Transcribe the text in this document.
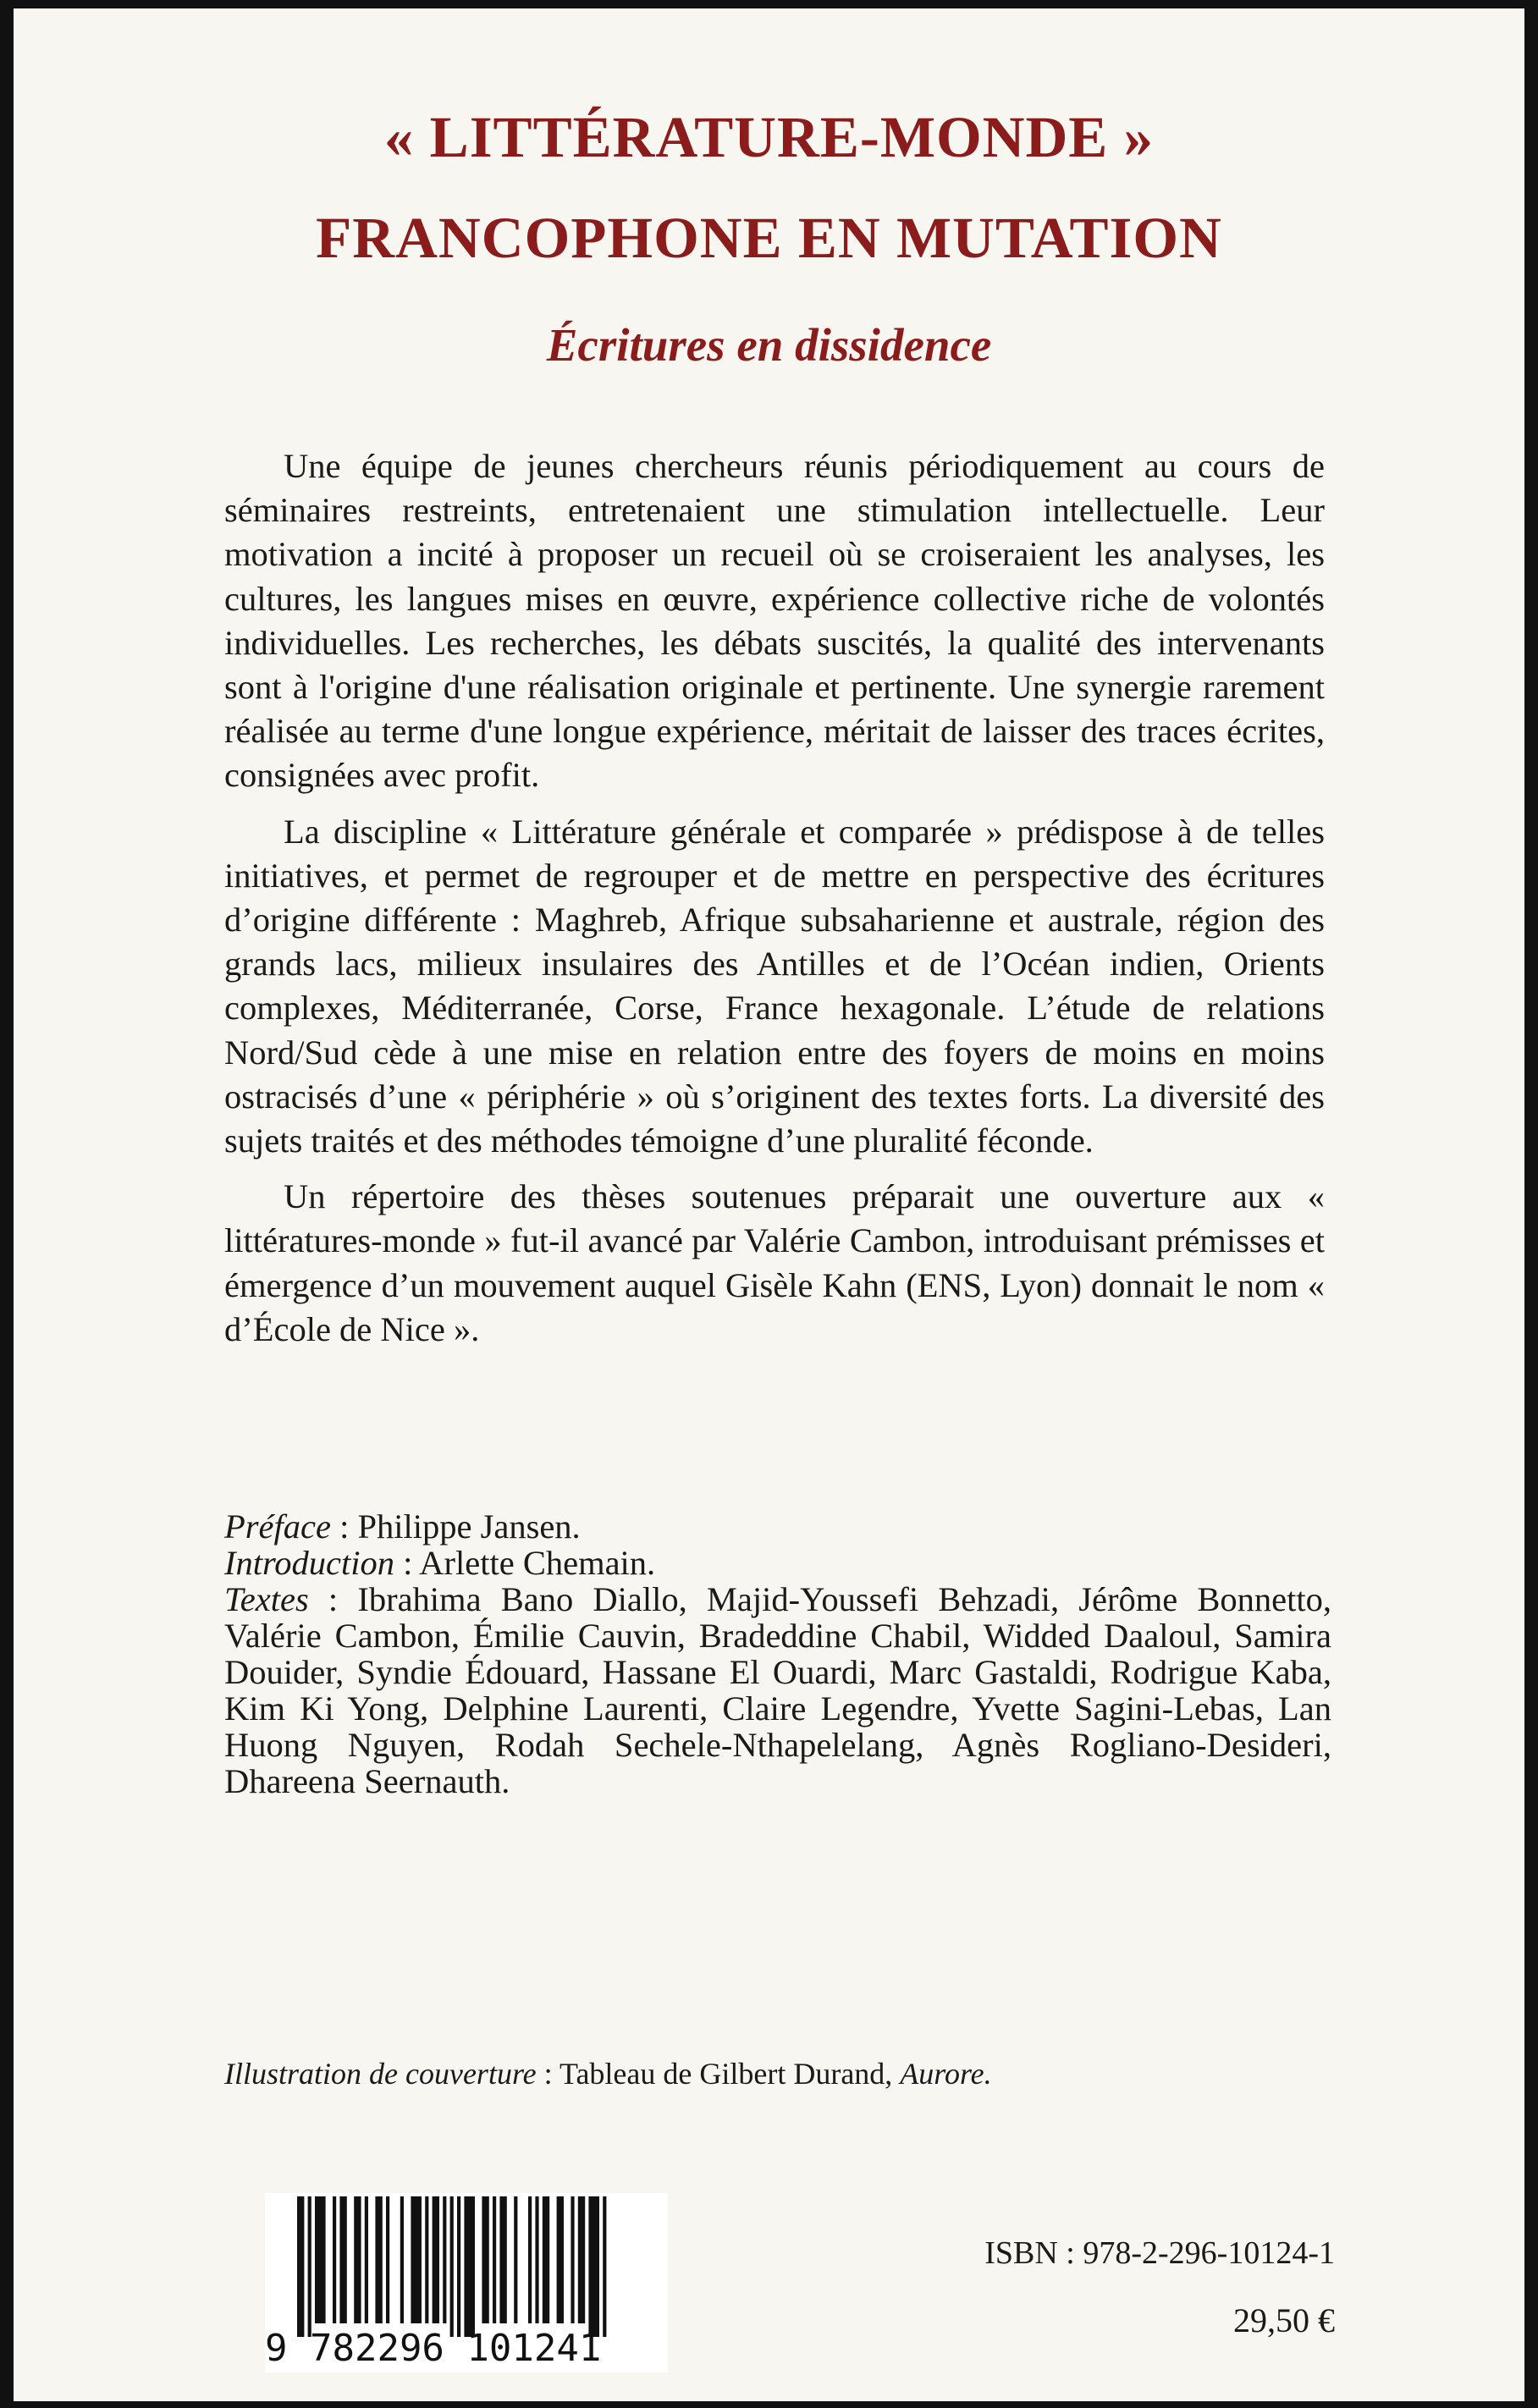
« LITTÉRATURE-MONDE »
FRANCOPHONE EN MUTATION
Écritures en dissidence

Une équipe de jeunes chercheurs réunis périodiquement au cours de séminaires restreints, entretenaient une stimulation intellectuelle. Leur motivation a incité à proposer un recueil où se croiseraient les analyses, les cultures, les langues mises en œuvre, expérience collective riche de volontés individuelles. Les recherches, les débats suscités, la qualité des intervenants sont à l'origine d'une réalisation originale et pertinente. Une synergie rarement réalisée au terme d'une longue expérience, méritait de laisser des traces écrites, consignées avec profit.

La discipline « Littérature générale et comparée » prédispose à de telles initiatives, et permet de regrouper et de mettre en perspective des écritures d’origine différente : Maghreb, Afrique subsaharienne et australe, région des grands lacs, milieux insulaires des Antilles et de l’Océan indien, Orients complexes, Méditerranée, Corse, France hexagonale. L’étude de relations Nord/Sud cède à une mise en relation entre des foyers de moins en moins ostracisés d’une « périphérie » où s’originent des textes forts. La diversité des sujets traités et des méthodes témoigne d’une pluralité féconde.

Un répertoire des thèses soutenues préparait une ouverture aux « littératures-monde » fut-il avancé par Valérie Cambon, introduisant prémisses et émergence d’un mouvement auquel Gisèle Kahn (ENS, Lyon) donnait le nom « d’École de Nice ».

Préface : Philippe Jansen.

Introduction : Arlette Chemain.

Textes : Ibrahima Bano Diallo, Majid-Youssefi Behzadi, Jérôme Bonnetto, Valérie Cambon, Émilie Cauvin, Bradeddine Chabil, Widded Daaloul, Samira Douider, Syndie Édouard, Hassane El Ouardi, Marc Gastaldi, Rodrigue Kaba, Kim Ki Yong, Delphine Laurenti, Claire Legendre, Yvette Sagini-Lebas, Lan Huong Nguyen, Rodah Sechele-Nthapelelang, Agnès Rogliano-Desideri, Dhareena Seernauth.

Illustration de couverture : Tableau de Gilbert Durand, Aurore.
9 782296 101241
ISBN : 978-2-296-10124-1
29,50 €
